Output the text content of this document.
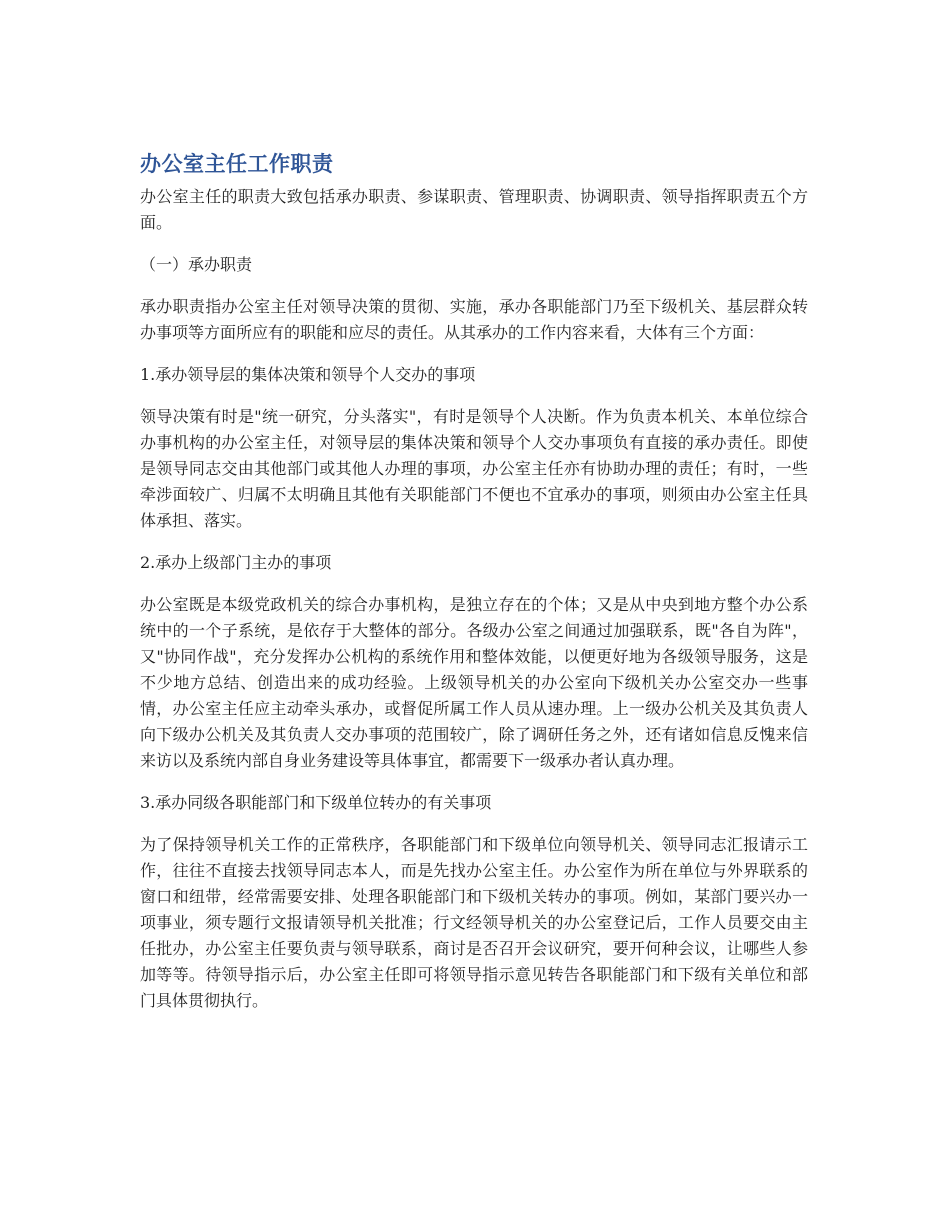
办公室主任工作职责

办公室主任的职责大致包括承办职责、参谋职责、管理职责、协调职责、领导指挥职责五个方面。

（一）承办职责

承办职责指办公室主任对领导决策的贯彻、实施，承办各职能部门乃至下级机关、基层群众转办事项等方面所应有的职能和应尽的责任。从其承办的工作内容来看，大体有三个方面：

1.承办领导层的集体决策和领导个人交办的事项

领导决策有时是"统一研究，分头落实"，有时是领导个人决断。作为负责本机关、本单位综合办事机构的办公室主任，对领导层的集体决策和领导个人交办事项负有直接的承办责任。即使是领导同志交由其他部门或其他人办理的事项，办公室主任亦有协助办理的责任；有时，一些牵涉面较广、归属不太明确且其他有关职能部门不便也不宜承办的事项，则须由办公室主任具体承担、落实。

2.承办上级部门主办的事项

办公室既是本级党政机关的综合办事机构，是独立存在的个体；又是从中央到地方整个办公系统中的一个子系统，是依存于大整体的部分。各级办公室之间通过加强联系，既"各自为阵"，又"协同作战"，充分发挥办公机构的系统作用和整体效能，以便更好地为各级领导服务，这是不少地方总结、创造出来的成功经验。上级领导机关的办公室向下级机关办公室交办一些事情，办公室主任应主动牵头承办，或督促所属工作人员从速办理。上一级办公机关及其负责人向下级办公机关及其负责人交办事项的范围较广，除了调研任务之外，还有诸如信息反愧来信来访以及系统内部自身业务建设等具体事宜，都需要下一级承办者认真办理。

3.承办同级各职能部门和下级单位转办的有关事项

为了保持领导机关工作的正常秩序，各职能部门和下级单位向领导机关、领导同志汇报请示工作，往往不直接去找领导同志本人，而是先找办公室主任。办公室作为所在单位与外界联系的窗口和纽带，经常需要安排、处理各职能部门和下级机关转办的事项。例如，某部门要兴办一项事业，须专题行文报请领导机关批准；行文经领导机关的办公室登记后，工作人员要交由主任批办，办公室主任要负责与领导联系，商讨是否召开会议研究，要开何种会议，让哪些人参加等等。待领导指示后，办公室主任即可将领导指示意见转告各职能部门和下级有关单位和部门具体贯彻执行。
